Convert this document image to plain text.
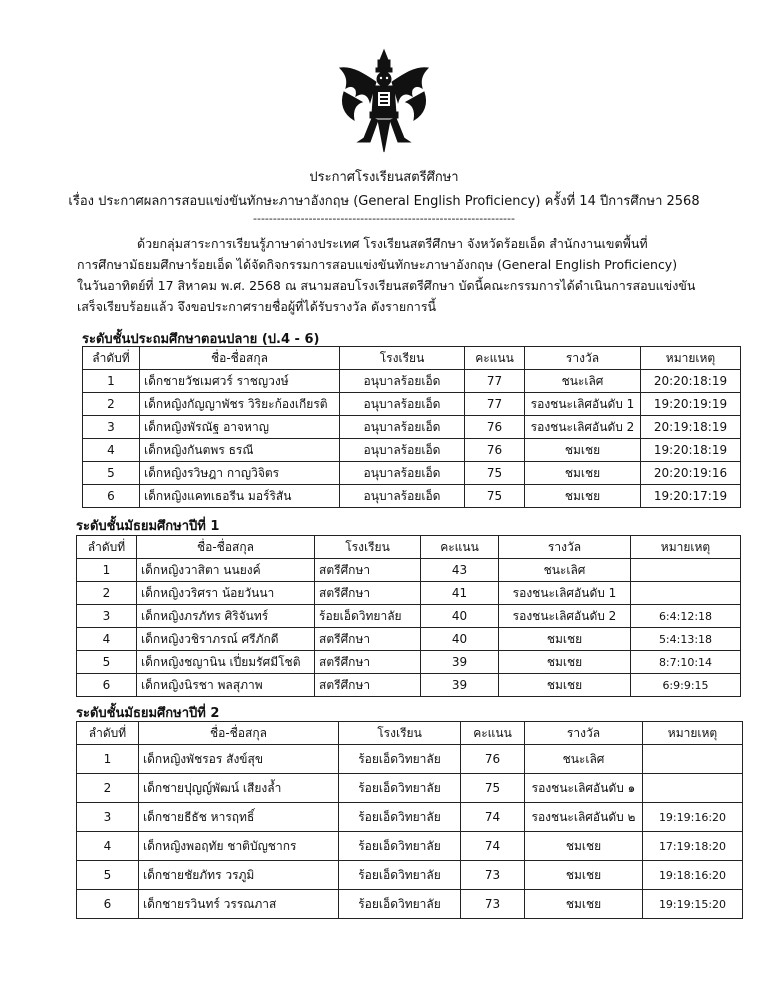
ประกาศโรงเรียนสตรีศึกษา
เรื่อง ประกาศผลการสอบแข่งขันทักษะภาษาอังกฤษ (General English Proficiency) ครั้งที่ 14 ปีการศึกษา 2568
------------------------------------------------------------------

ด้วยกลุ่มสาระการเรียนรู้ภาษาต่างประเทศ โรงเรียนสตรีศึกษา จังหวัดร้อยเอ็ด สำนักงานเขตพื้นที่

การศึกษามัธยมศึกษาร้อยเอ็ด ได้จัดกิจกรรมการสอบแข่งขันทักษะภาษาอังกฤษ (General English Proficiency)

ในวันอาทิตย์ที่ 17 สิหาคม พ.ศ. 2568 ณ สนามสอบโรงเรียนสตรีศึกษา บัดนี้คณะกรรมการได้ดำเนินการสอบแข่งขัน

เสร็จเรียบร้อยแล้ว จึงขอประกาศรายชื่อผู้ที่ได้รับรางวัล ดังรายการนี้

ระดับชั้นประถมศึกษาตอนปลาย (ป.4 - 6)
ลำดับที่	ชื่อ-ชื่อสกุล	โรงเรียน	คะแนน	รางวัล	หมายเหตุ
1	เด็กชายวัชเมศวร์ ราชญวงษ์	อนุบาลร้อยเอ็ด	77	ชนะเลิศ	20:20:18:19
2	เด็กหญิงกัญญาพัชร วิริยะก้องเกียรติ	อนุบาลร้อยเอ็ด	77	รองชนะเลิศอันดับ 1	19:20:19:19
3	เด็กหญิงพัรณัฐ อาจหาญ	อนุบาลร้อยเอ็ด	76	รองชนะเลิศอันดับ 2	20:19:18:19
4	เด็กหญิงกันตพร ธรณี	อนุบาลร้อยเอ็ด	76	ชมเชย	19:20:18:19
5	เด็กหญิงรวิษฎา กาญวิจิตร	อนุบาลร้อยเอ็ด	75	ชมเชย	20:20:19:16
6	เด็กหญิงแคทเธอรีน มอร์ริสัน	อนุบาลร้อยเอ็ด	75	ชมเชย	19:20:17:19
ระดับชั้นมัธยมศึกษาปีที่ 1
ลำดับที่	ชื่อ-ชื่อสกุล	โรงเรียน	คะแนน	รางวัล	หมายเหตุ
1	เด็กหญิงวาสิตา นนยงค์	สตรีศึกษา	43	ชนะเลิศ	
2	เด็กหญิงวริศรา น้อยวันนา	สตรีศึกษา	41	รองชนะเลิศอันดับ 1	
3	เด็กหญิงภรภัทร ศิริจันทร์	ร้อยเอ็ดวิทยาลัย	40	รองชนะเลิศอันดับ 2	6:4:12:18
4	เด็กหญิงวชิราภรณ์ ศรีภักดี	สตรีศึกษา	40	ชมเชย	5:4:13:18
5	เด็กหญิงชญานิน เปี่ยมรัศมีโชติ	สตรีศึกษา	39	ชมเชย	8:7:10:14
6	เด็กหญิงนิรชา พลสุภาพ	สตรีศึกษา	39	ชมเชย	6:9:9:15
ระดับชั้นมัธยมศึกษาปีที่ 2
ลำดับที่	ชื่อ-ชื่อสกุล	โรงเรียน	คะแนน	รางวัล	หมายเหตุ
1	เด็กหญิงพัชรอร สังข์สุข	ร้อยเอ็ดวิทยาลัย	76	ชนะเลิศ	
2	เด็กชายปุญญ์พัฒน์ เสียงล้ำ	ร้อยเอ็ดวิทยาลัย	75	รองชนะเลิศอันดับ ๑	
3	เด็กชายธีธัช หารฤทธิ์	ร้อยเอ็ดวิทยาลัย	74	รองชนะเลิศอันดับ ๒	19:19:16:20
4	เด็กหญิงพอฤทัย ชาติบัญชากร	ร้อยเอ็ดวิทยาลัย	74	ชมเชย	17:19:18:20
5	เด็กชายชัยภัทร วรภูมิ	ร้อยเอ็ดวิทยาลัย	73	ชมเชย	19:18:16:20
6	เด็กชายรวินทร์ วรรณภาส	ร้อยเอ็ดวิทยาลัย	73	ชมเชย	19:19:15:20
